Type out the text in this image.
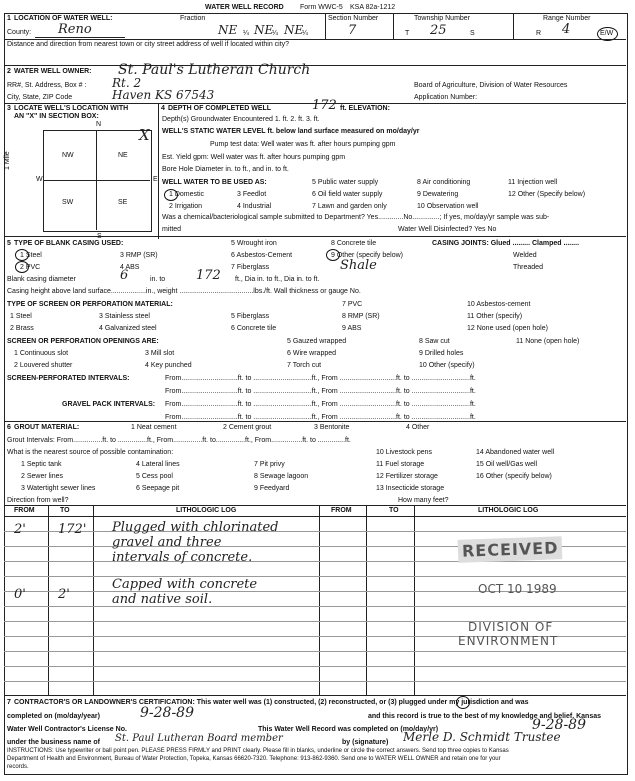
WATER WELL RECORD Form WWC-5 KSA 82a-1212
1 LOCATION OF WATER WELL:
County: Reno
Fraction
NE ¼ NE
¼ NE
¼
Section Number
7
Township Number
T 25	S
Range Number
R 4	E/W
Distance and direction from nearest town or city street address of well if located within city?
2 WATER WELL OWNER: St. Paul's Lutheran Church
RR#, St. Address, Box # : Rt. 2
City, State, ZIP Code	Haven KS 67543
Board of Agriculture, Division of Water Resources
Application Number:
3 LOCATE WELL'S LOCATION WITH
AN "X" IN SECTION BOX:
N
S
W	E
1 Mile	NW	NE
SW	SE
X
4 DEPTH OF COMPLETED WELL	172 ft. ELEVATION:
Depth(s) Groundwater Encountered 1. ft. 2. ft. 3. ft.
WELL'S STATIC WATER LEVEL ft. below land surface measured on mo/day/yr
Pump test data: Well water was ft. after hours pumping gpm
Est. Yield gpm: Well water was ft. after hours pumping gpm
Bore Hole Diameter in. to ft., and in. to ft.
WELL WATER TO BE USED AS:	5 Public water supply	8 Air conditioning	11 Injection well
1 Domestic	3 Feedlot	6 Oil field water supply	9 Dewatering	12 Other (Specify below)
2 Irrigation	4 Industrial	7 Lawn and garden only	10 Observation well
Was a chemical/bacteriological sample submitted to Department? Yes.............No..............; If yes, mo/day/yr sample was sub-
mitted	Water Well Disinfected? Yes No
5 TYPE OF BLANK CASING USED:	5 Wrought iron	8 Concrete tile	CASING JOINTS: Glued ......... Clamped ........
1 Steel	3 RMP (SR)	6 Asbestos-Cement	9 Other (specify below)	Welded
2 PVC	4 ABS	7 Fiberglass	Shale	Threaded
Blank casing diameter	6	in. to 172 ft., Dia in. to ft., Dia in. to ft.
Casing height above land surface..................in., weight ......................................lbs./ft. Wall thickness or gauge No.
TYPE OF SCREEN OR PERFORATION MATERIAL:	7 PVC	10 Asbestos-cement
1 Steel	3 Stainless steel	5 Fiberglass	8 RMP (SR)	11 Other (specify)
2 Brass	4 Galvanized steel	6 Concrete tile	9 ABS	12 None used (open hole)
SCREEN OR PERFORATION OPENINGS ARE:	5 Gauzed wrapped	8 Saw cut	11 None (open hole)
1 Continuous slot	3 Mill slot	6 Wire wrapped	9 Drilled holes
2 Louvered shutter	4 Key punched	7 Torch cut	10 Other (specify)
SCREEN-PERFORATED INTERVALS:	From.............................ft. to ..............................ft., From .............................ft. to ..............................ft.
From.............................ft. to ..............................ft., From .............................ft. to ..............................ft.
GRAVEL PACK INTERVALS: From.............................ft. to ..............................ft., From .............................ft. to ..............................ft.
From.............................ft. to ..............................ft., From .............................ft. to ..............................ft.
6 GROUT MATERIAL:	1 Neat cement	2 Cement grout	3 Bentonite	4 Other
Grout Intervals: From...............ft. to ...............ft., From...............ft. to...............ft., From................ft. to ..............ft.
What is the nearest source of possible contamination:	10 Livestock pens	14 Abandoned water well
1 Septic tank	4 Lateral lines	7 Pit privy	11 Fuel storage	15 Oil well/Gas well
2 Sewer lines	5 Cess pool	8 Sewage lagoon	12 Fertilizer storage	16 Other (specify below)
3 Watertight sewer lines	6 Seepage pit	9 Feedyard	13 Insecticide storage
Direction from well?	How many feet?
FROM	TO	LITHOLOGIC LOG	FROM	TO	LITHOLOGIC LOG
2' 172' Plugged with chlorinated
gravel and three
intervals of concrete.
0' 2'
Capped with concrete
and native soil.
RECEIVED
OCT 10 1989
DIVISION OF
ENVIRONMENT
7 CONTRACTOR'S OR LANDOWNER'S CERTIFICATION: This water well was (1) constructed, (2) reconstructed, or (3) plugged under my jurisdiction and was
completed on (mo/day/year)	9-28-89	and this record is true to the best of my knowledge and belief. Kansas
Water Well Contractor's License No.	This Water Well Record was completed on (mo/day/yr)	9-28-89
under the business name of St. Paul Lutheran Board member	by (signature) Merle D. Schmidt Trustee
INSTRUCTIONS: Use typewriter or ball point pen. PLEASE PRESS FIRMLY and PRINT clearly. Please fill in blanks, underline or circle the correct answers. Send top three copies to Kansas
Department of Health and Environment, Bureau of Water Protection, Topeka, Kansas 66620-7320. Telephone: 913-862-9360. Send one to WATER WELL OWNER and retain one for your
records.
